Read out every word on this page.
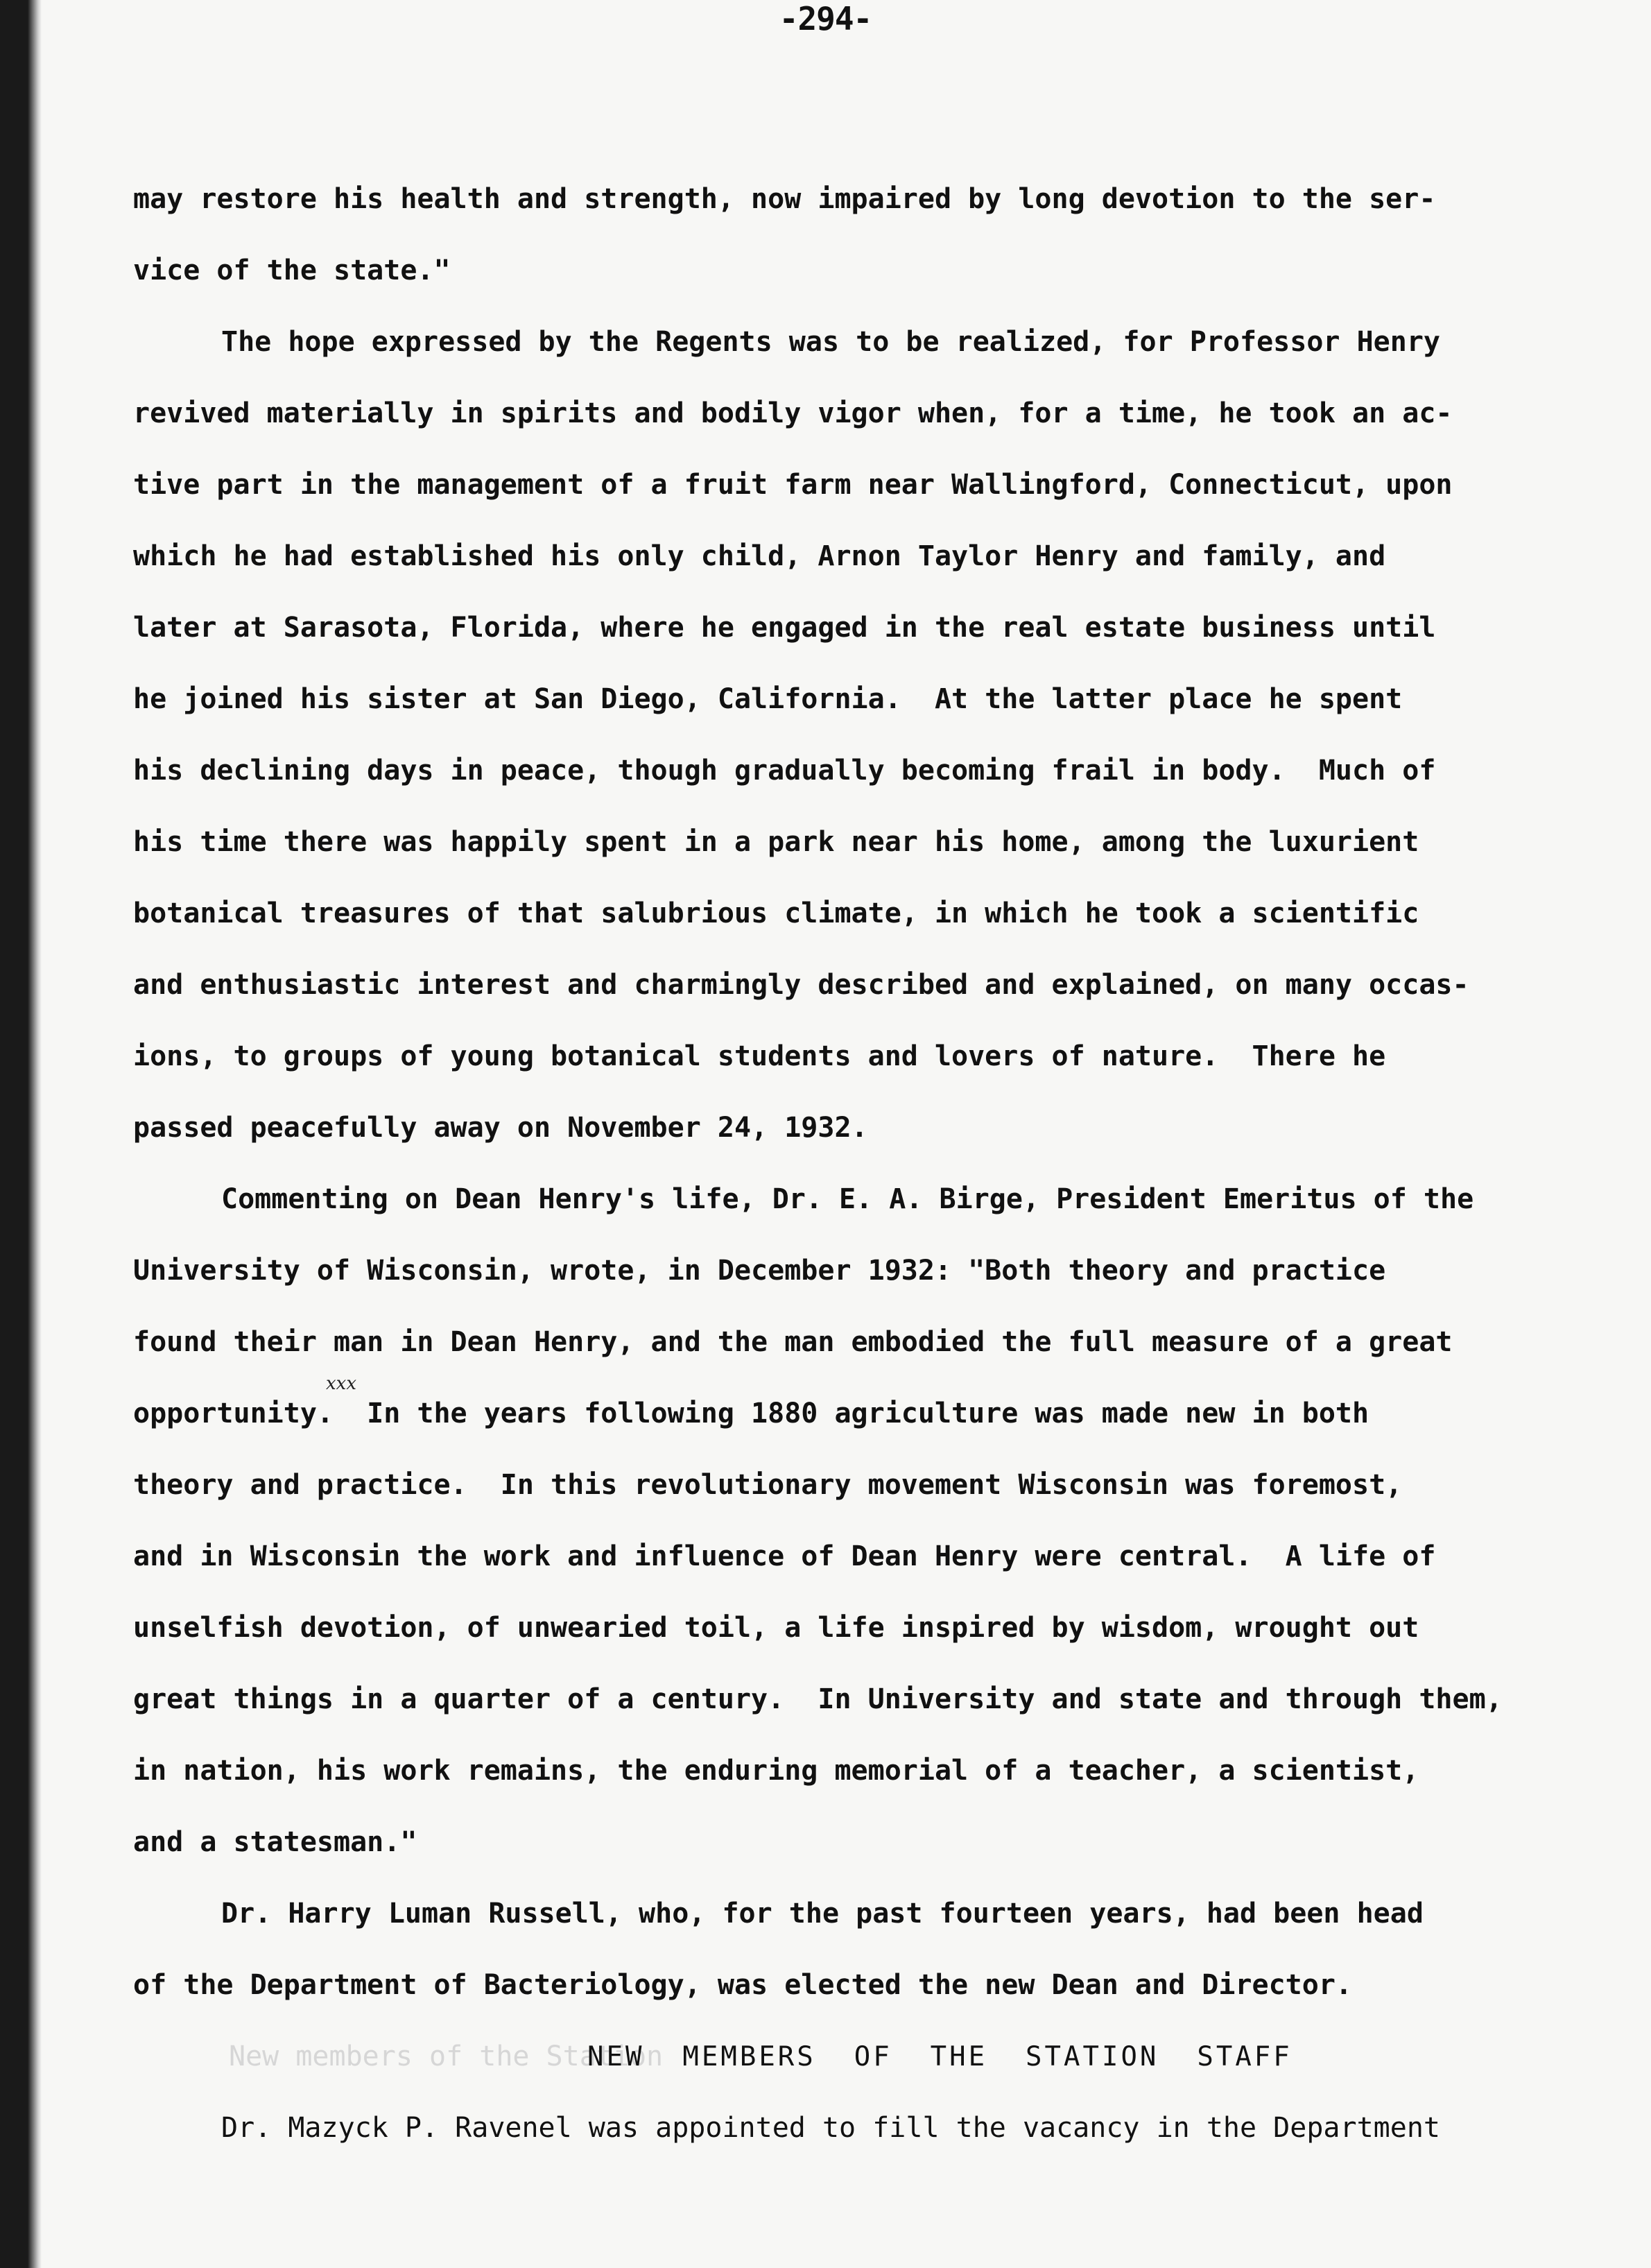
-294-
may restore his health and strength, now impaired by long devotion to the ser-
vice of the state."
The hope expressed by the Regents was to be realized, for Professor Henry
revived materially in spirits and bodily vigor when, for a time, he took an ac-
tive part in the management of a fruit farm near Wallingford, Connecticut, upon
which he had established his only child, Arnon Taylor Henry and family, and
later at Sarasota, Florida, where he engaged in the real estate business until
he joined his sister at San Diego, California.  At the latter place he spent
his declining days in peace, though gradually becoming frail in body.  Much of
his time there was happily spent in a park near his home, among the luxurient
botanical treasures of that salubrious climate, in which he took a scientific
and enthusiastic interest and charmingly described and explained, on many occas-
ions, to groups of young botanical students and lovers of nature.  There he
passed peacefully away on November 24, 1932.
Commenting on Dean Henry's life, Dr. E. A. Birge, President Emeritus of the
University of Wisconsin, wrote, in December 1932: "Both theory and practice
found their man in Dean Henry, and the man embodied the full measure of a great
opportunity.  In the years following 1880 agriculture was made new in both
theory and practice.  In this revolutionary movement Wisconsin was foremost,
and in Wisconsin the work and influence of Dean Henry were central.  A life of
unselfish devotion, of unwearied toil, a life inspired by wisdom, wrought out
great things in a quarter of a century.  In University and state and through them,
in nation, his work remains, the enduring memorial of a teacher, a scientist,
and a statesman."
Dr. Harry Luman Russell, who, for the past fourteen years, had been head
of the Department of Bacteriology, was elected the new Dean and Director.
New members of the Station
NEW  MEMBERS  OF  THE  STATION  STAFF
Dr. Mazyck P. Ravenel was appointed to fill the vacancy in the Department
xxx
